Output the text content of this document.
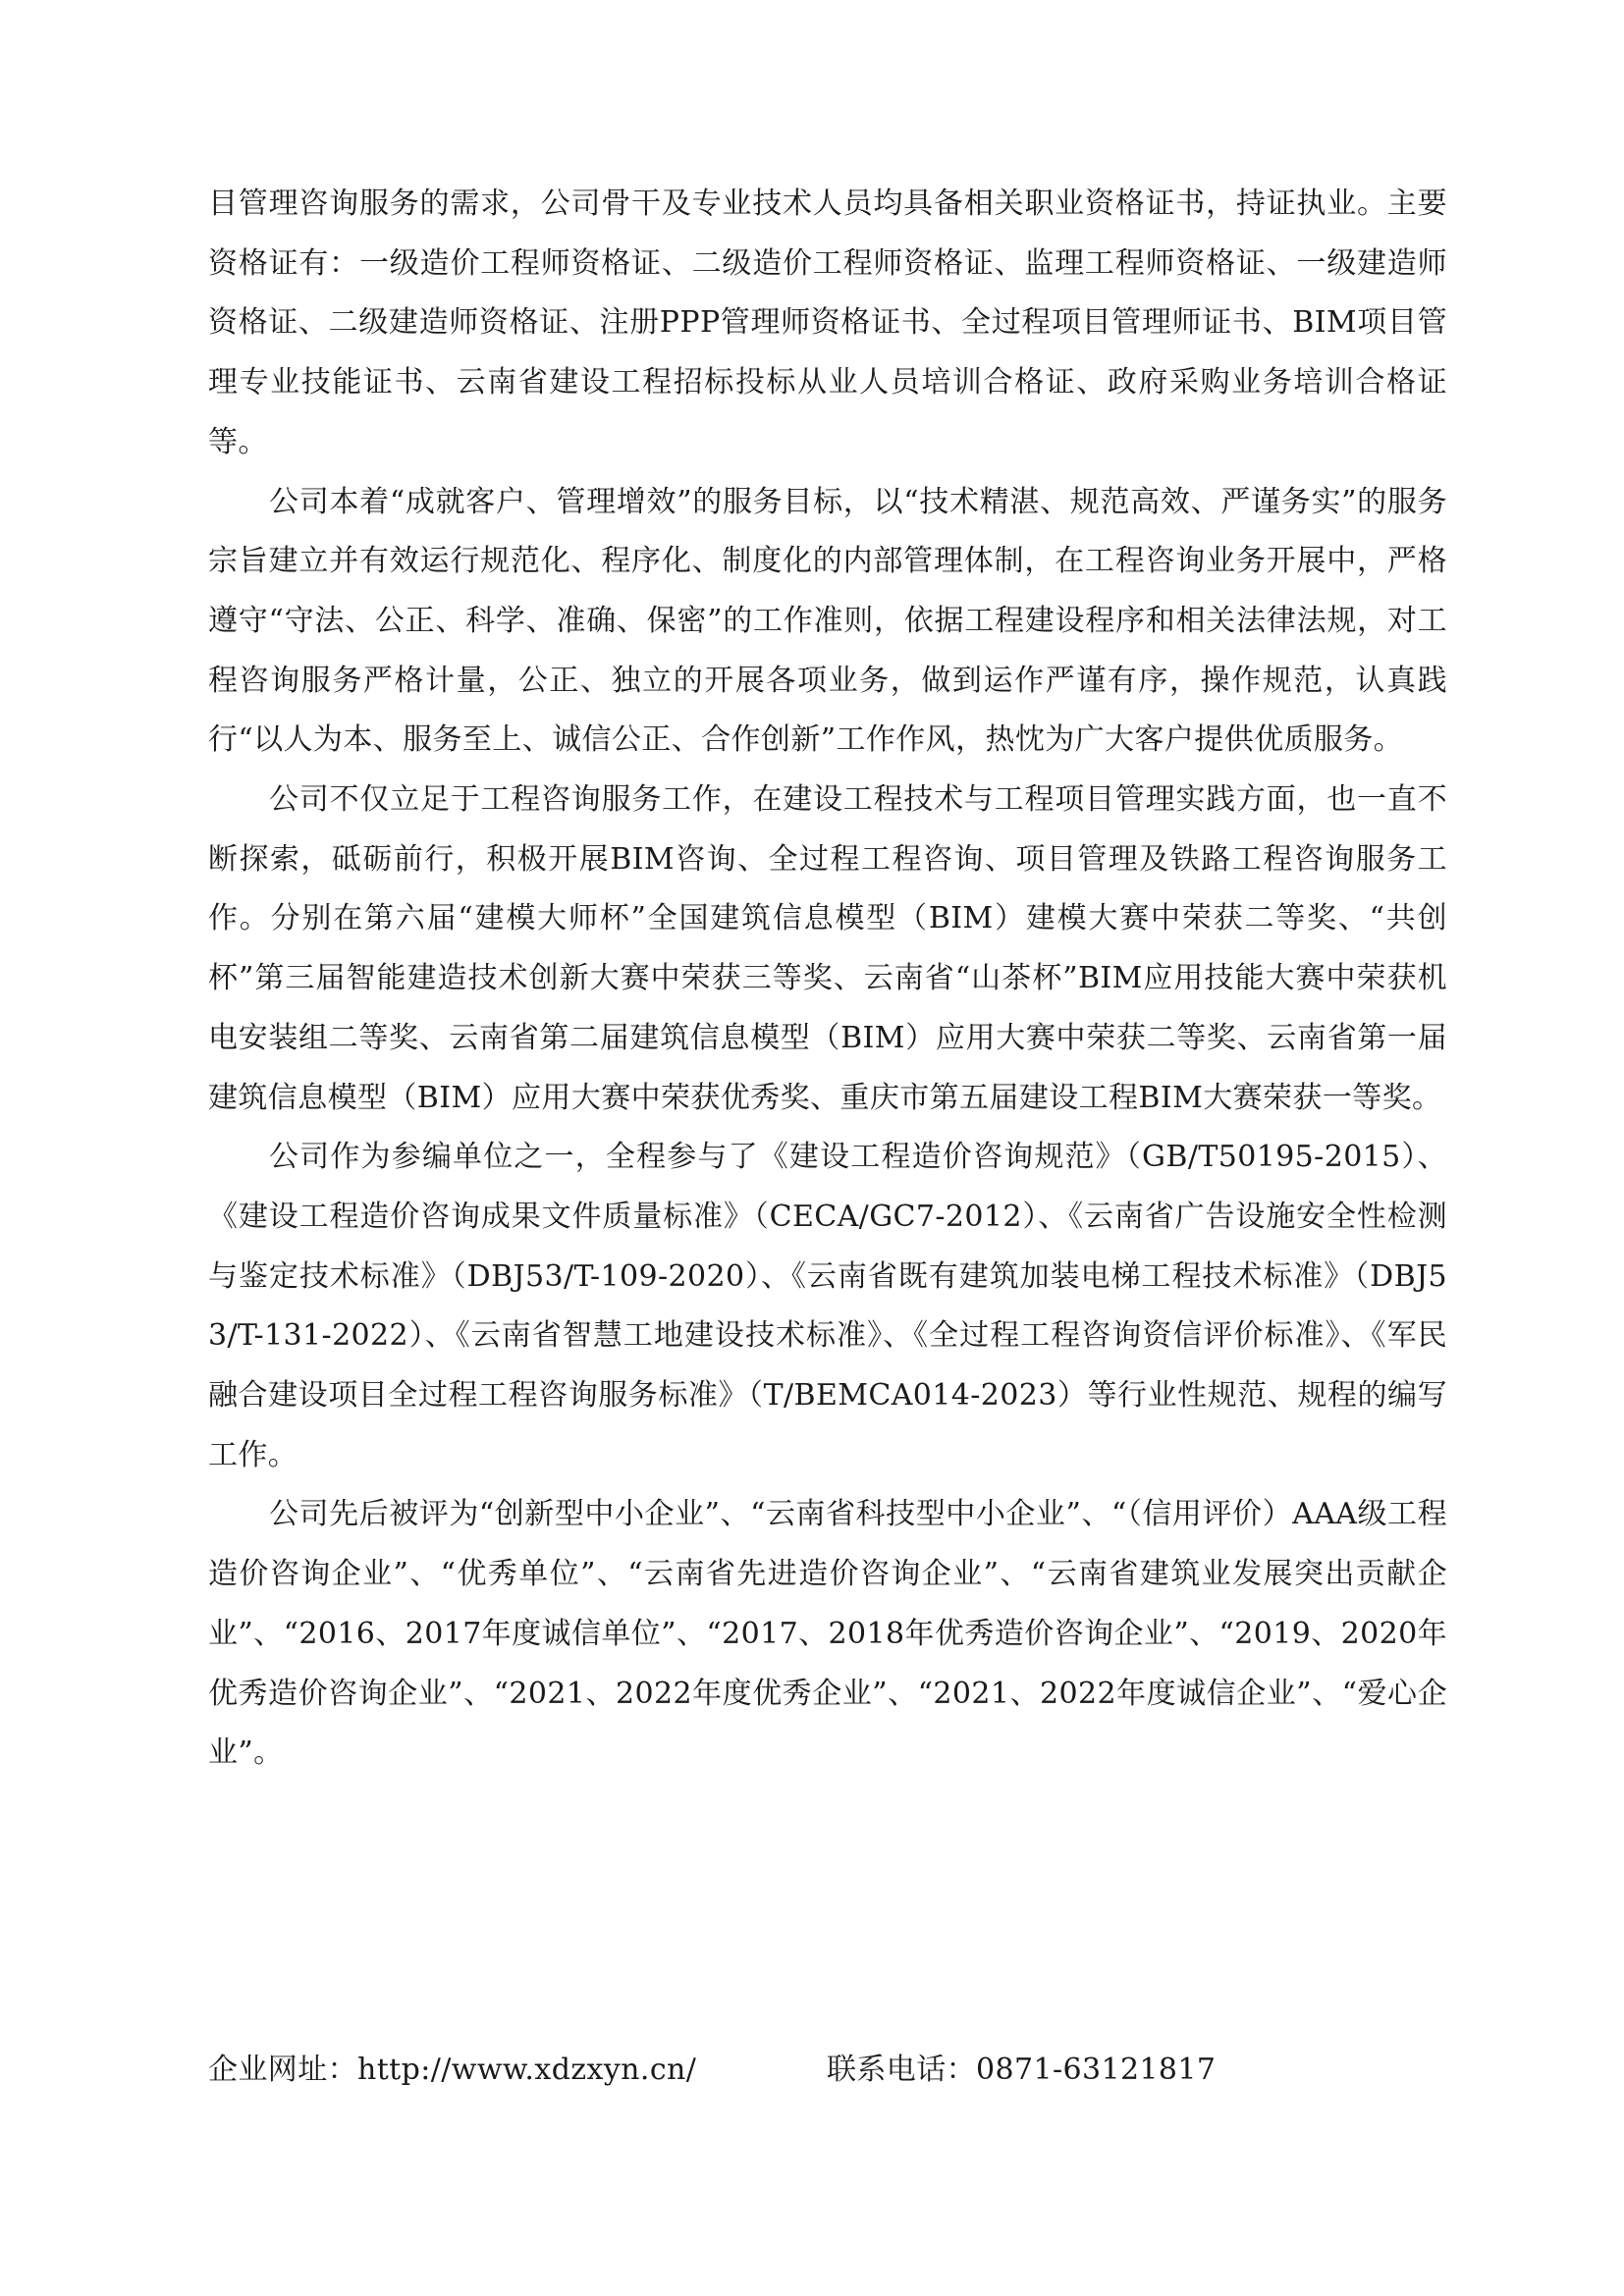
目管理咨询服务的需求，公司骨干及专业技术人员均具备相关职业资格证书，持证执业。主要资格证有：一级造价工程师资格证、二级造价工程师资格证、监理工程师资格证、一级建造师资格证、二级建造师资格证、注册PPP管理师资格证书、全过程项目管理师证书、BIM项目管理专业技能证书、云南省建设工程招标投标从业人员培训合格证、政府采购业务培训合格证等。

公司本着“成就客户、管理增效”的服务目标，以“技术精湛、规范高效、严谨务实”的服务宗旨建立并有效运行规范化、程序化、制度化的内部管理体制，在工程咨询业务开展中，严格遵守“守法、公正、科学、准确、保密”的工作准则，依据工程建设程序和相关法律法规，对工程咨询服务严格计量，公正、独立的开展各项业务，做到运作严谨有序，操作规范，认真践行“以人为本、服务至上、诚信公正、合作创新”工作作风，热忱为广大客户提供优质服务。

公司不仅立足于工程咨询服务工作，在建设工程技术与工程项目管理实践方面，也一直不断探索，砥砺前行，积极开展BIM咨询、全过程工程咨询、项目管理及铁路工程咨询服务工作。分别在第六届“建模大师杯”全国建筑信息模型（BIM）建模大赛中荣获二等奖、“共创杯”第三届智能建造技术创新大赛中荣获三等奖、云南省“山茶杯”BIM应用技能大赛中荣获机电安装组二等奖、云南省第二届建筑信息模型（BIM）应用大赛中荣获二等奖、云南省第一届建筑信息模型（BIM）应用大赛中荣获优秀奖、重庆市第五届建设工程BIM大赛荣获一等奖。

公司作为参编单位之一，全程参与了《建设工程造价咨询规范》（GB/T50195-2015）、《建设工程造价咨询成果文件质量标准》（CECA/GC7-2012）、《云南省广告设施安全性检测与鉴定技术标准》（DBJ53/T-109-2020）、《云南省既有建筑加装电梯工程技术标准》（DBJ53/T-131-2022）、《云南省智慧工地建设技术标准》、《全过程工程咨询资信评价标准》、《军民融合建设项目全过程工程咨询服务标准》（T/BEMCA014-2023）等行业性规范、规程的编写工作。

公司先后被评为“创新型中小企业”、“云南省科技型中小企业”、“（信用评价）AAA级工程造价咨询企业”、“优秀单位”、“云南省先进造价咨询企业”、“云南省建筑业发展突出贡献企业”、“2016、2017年度诚信单位”、“2017、2018年优秀造价咨询企业”、“2019、2020年优秀造价咨询企业”、“2021、2022年度优秀企业”、“2021、2022年度诚信企业”、“爱心企业”。

企业网址：http://www.xdzxyn.cn/	联系电话：0871-63121817
